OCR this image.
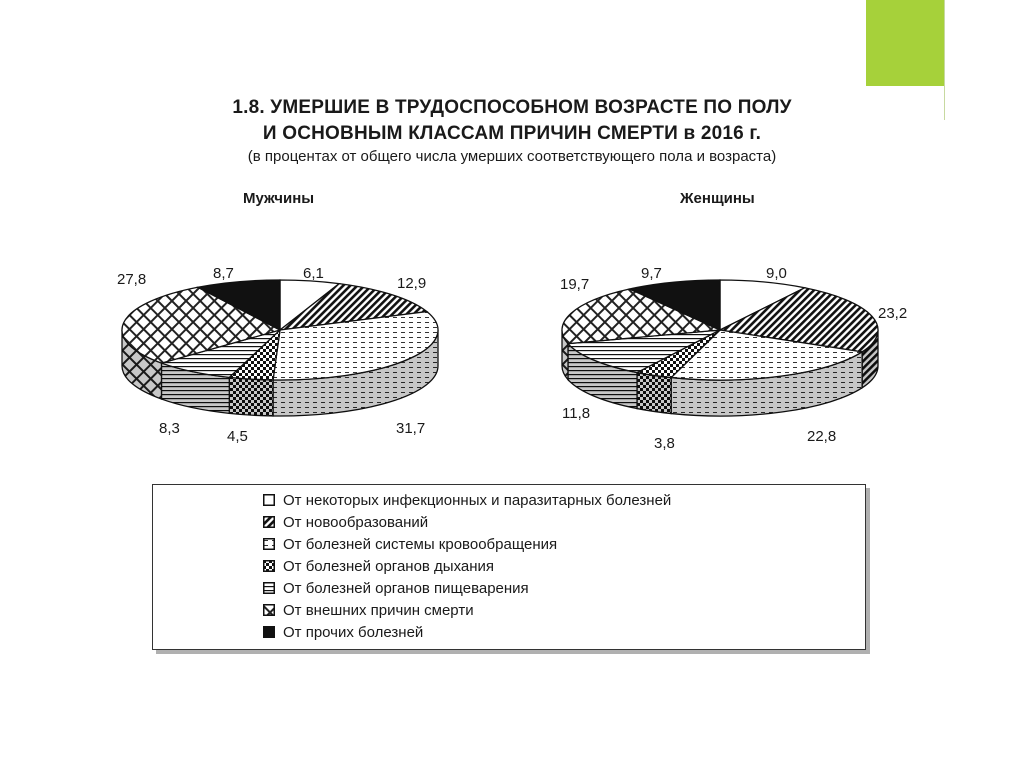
1.8. УМЕРШИЕ В ТРУДОСПОСОБНОМ ВОЗРАСТЕ ПО ПОЛУ
И ОСНОВНЫМ КЛАССАМ ПРИЧИН СМЕРТИ в 2016 г.

(в процентах от общего числа умерших соответствующего пола и возраста)

Мужчины	Женщины
6,1
12,9
31,7
4,5
8,3
27,8	8,7	9,0
23,2
22,8
3,8
11,8
19,7
9,7
От некоторых инфекционных и паразитарных болезней
От новообразований
От болезней системы кровообращения
От болезней органов дыхания
От болезней органов пищеварения
От внешних причин смерти
От прочих болезней
